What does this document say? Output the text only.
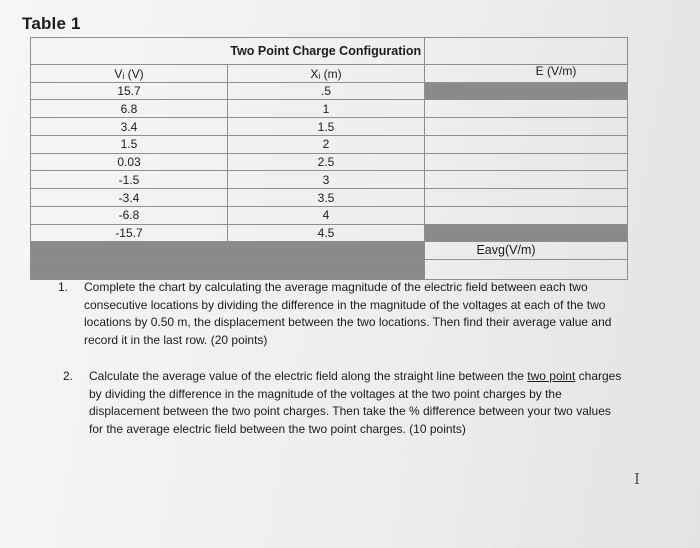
Table 1
	Two Point Charge Configuration	
Vᵢ (V)	Xᵢ (m)	E (V/m)
15.7	.5	
6.8	1	
3.4	1.5	
1.5	2	
0.03	2.5	
-1.5	3	
-3.4	3.5	
-6.8	4	
-15.7	4.5	
		Eavg(V/m)

1.	Complete the chart by calculating the average magnitude of the electric field between each two consecutive locations by dividing the difference in the magnitude of the voltages at each of the two locations by 0.50 m, the displacement between the two locations. Then find their average value and record it in the last row. (20 points)
2.	Calculate the average value of the electric field along the straight line between the two point charges by dividing the difference in the magnitude of the voltages at the two point charges by the displacement between the two point charges. Then take the % difference between your two values for the average electric field between the two point charges. (10 points)
I
